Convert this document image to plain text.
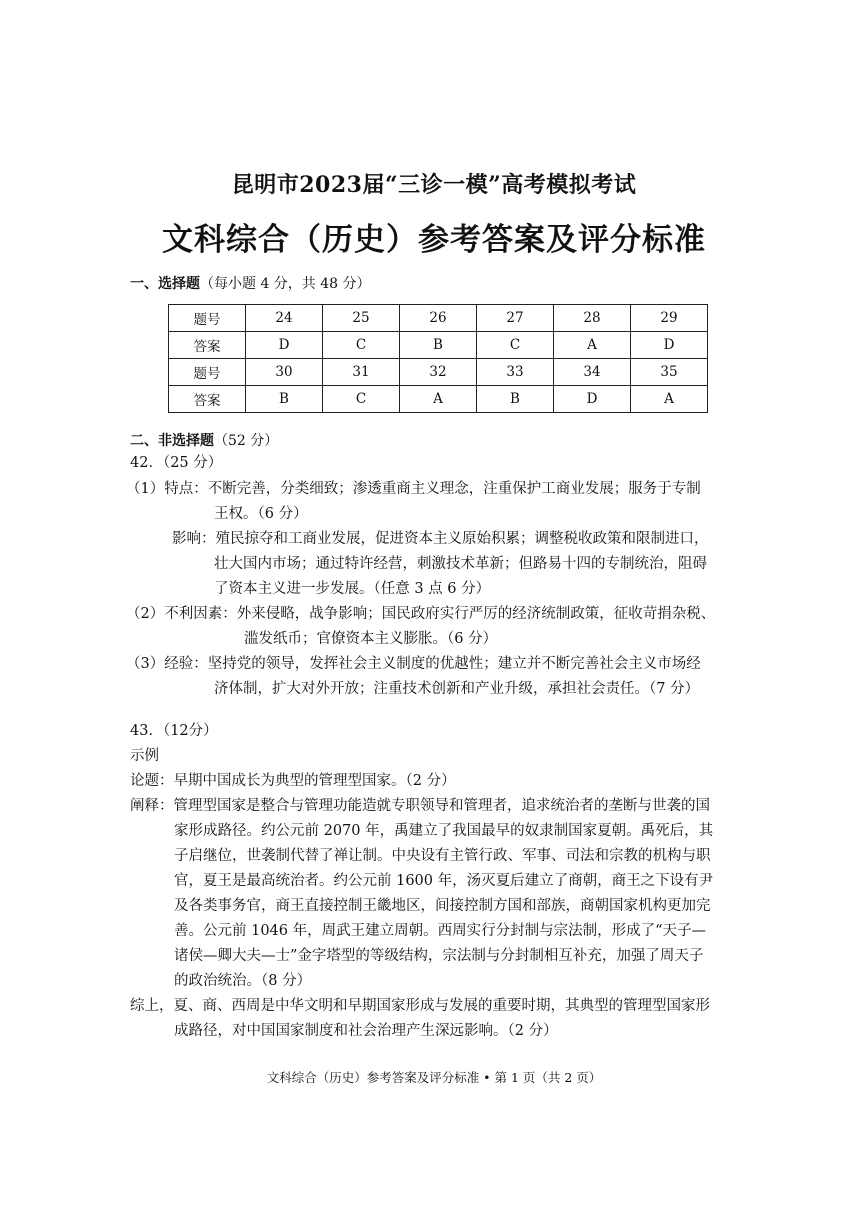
昆明市2023届“三诊一模”高考模拟考试
文科综合（历史）参考答案及评分标准
一、选择题（每小题 4 分，共 48 分）
题号	24	25	26	27	28	29
答案	D	C	B	C	A	D
题号	30	31	32	33	34	35
答案	B	C	A	B	D	A
二、非选择题（52 分）
42．（25 分）
（1）特点：不断完善，分类细致；渗透重商主义理念，注重保护工商业发展；服务于专制
王权。（6 分）
影响：殖民掠夺和工商业发展，促进资本主义原始积累；调整税收政策和限制进口，
壮大国内市场；通过特许经营，刺激技术革新；但路易十四的专制统治，阻碍
了资本主义进一步发展。（任意 3 点 6 分）
（2）不利因素：外来侵略，战争影响；国民政府实行严厉的经济统制政策，征收苛捐杂税、
滥发纸币；官僚资本主义膨胀。（6 分）
（3）经验：坚持党的领导，发挥社会主义制度的优越性；建立并不断完善社会主义市场经
济体制，扩大对外开放；注重技术创新和产业升级，承担社会责任。（7 分）
43．（12分）
示例
论题：早期中国成长为典型的管理型国家。（2 分）
阐释：管理型国家是整合与管理功能造就专职领导和管理者，追求统治者的垄断与世袭的国
家形成路径。约公元前 2070 年，禹建立了我国最早的奴隶制国家夏朝。禹死后，其
子启继位，世袭制代替了禅让制。中央设有主管行政、军事、司法和宗教的机构与职
官，夏王是最高统治者。约公元前 1600 年，汤灭夏后建立了商朝，商王之下设有尹
及各类事务官，商王直接控制王畿地区，间接控制方国和部族，商朝国家机构更加完
善。公元前 1046 年，周武王建立周朝。西周实行分封制与宗法制，形成了“天子—
诸侯—卿大夫—士”金字塔型的等级结构，宗法制与分封制相互补充，加强了周天子
的政治统治。（8 分）
综上，夏、商、西周是中华文明和早期国家形成与发展的重要时期，其典型的管理型国家形
成路径，对中国国家制度和社会治理产生深远影响。（2 分）
文科综合（历史）参考答案及评分标准 • 第 1 页（共 2 页）
